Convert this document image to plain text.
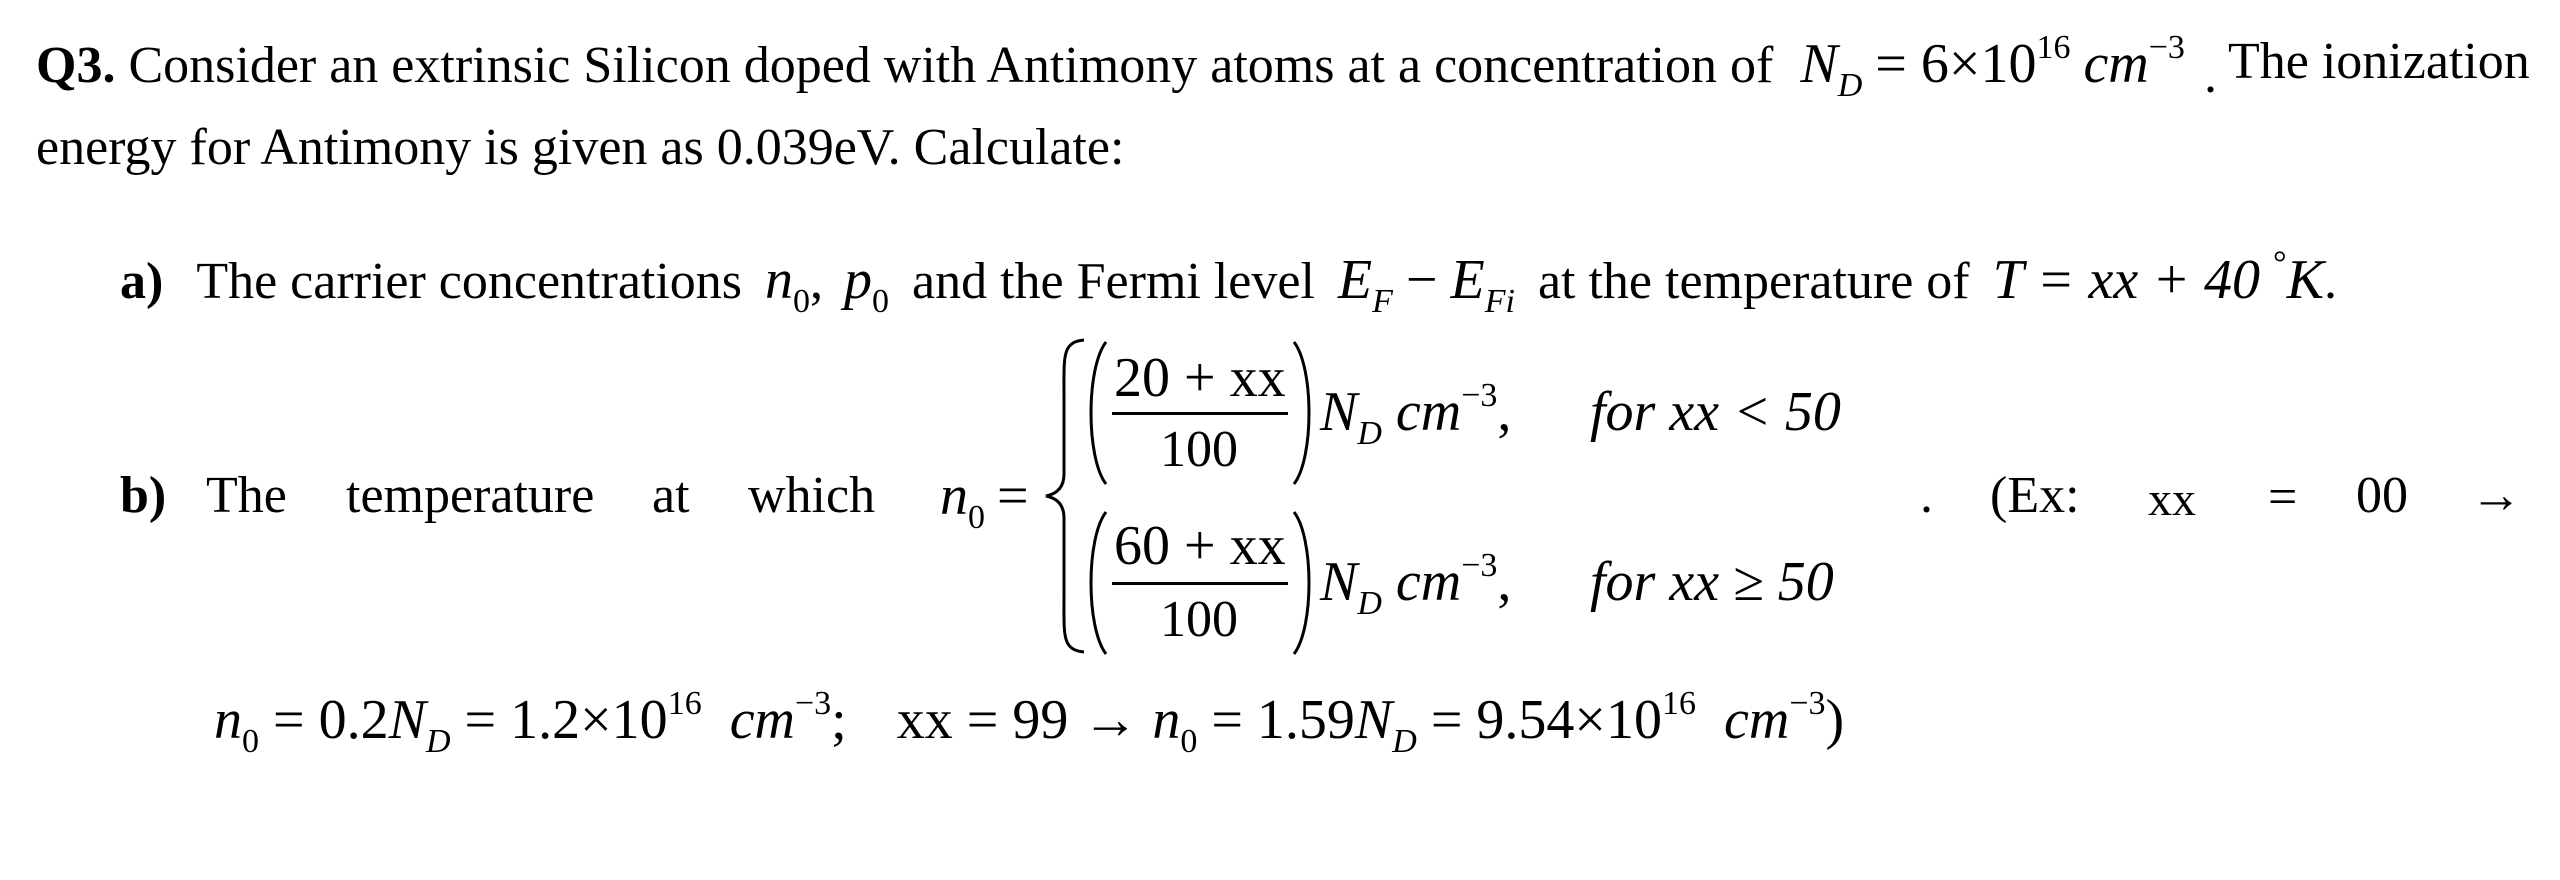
Q3. Consider an extrinsic Silicon doped with Antimony atoms at a concentration of $N_D = 6\times 10^{16}$ $cm^{-3}$ . The ionization
energy for Antimony is given as 0.039eV. Calculate:
a) The carrier concentrations $n_0$, $p_0$ and the Fermi level $E_F - E_{Fi}$ at the temperature of T = xx + 40 °K.
b) The temperature at which n0 =
20 + xx
100
ND cm−3, for xx < 50
60 + xx
100
ND cm−3, for xx ≥ 50
. (Ex: xx = 00 →
$n_0 = 0.2N_D = 1.2\times 10^{16}$ $cm^{-3}$; xx = $99 \to n_0 = 1.59N_D = 9.54\times 10^{16}$ $cm^{-3}$)
